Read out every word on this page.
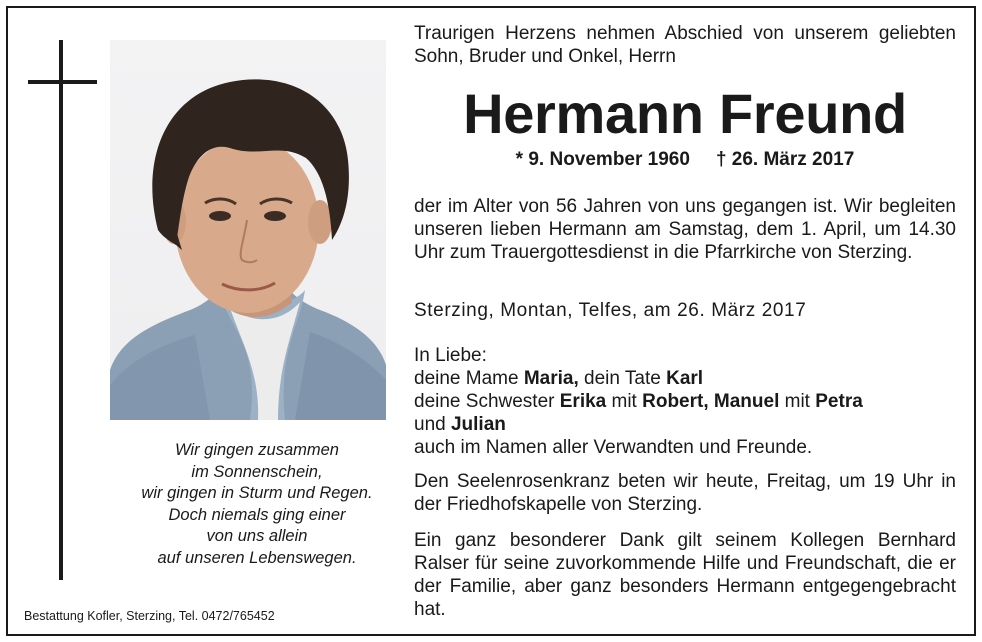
Wir gingen zusammen
im Sonnenschein,
wir gingen in Sturm und Regen.
Doch niemals ging einer
von uns allein
auf unseren Lebenswegen.
Bestattung Kofler, Sterzing, Tel. 0472/765452
Traurigen Herzens nehmen Abschied von unserem geliebten Sohn, Bruder und Onkel, Herrn
Hermann Freund
* 9. November 1960 † 26. März 2017
der im Alter von 56 Jahren von uns gegangen ist. Wir begleiten unseren lieben Hermann am Samstag, dem 1. April, um 14.30 Uhr zum Trauergottesdienst in die Pfarrkirche von Sterzing.
Sterzing, Montan, Telfes, am 26. März 2017
In Liebe:
deine Mame Maria, dein Tate Karl
deine Schwester Erika mit Robert, Manuel mit Petra
und Julian
auch im Namen aller Verwandten und Freunde.
Den Seelenrosenkranz beten wir heute, Freitag, um 19 Uhr in der Friedhofskapelle von Sterzing.
Ein ganz besonderer Dank gilt seinem Kollegen Bernhard Ralser für seine zuvorkommende Hilfe und Freundschaft, die er der Familie, aber ganz besonders Hermann entgegengebracht hat.
